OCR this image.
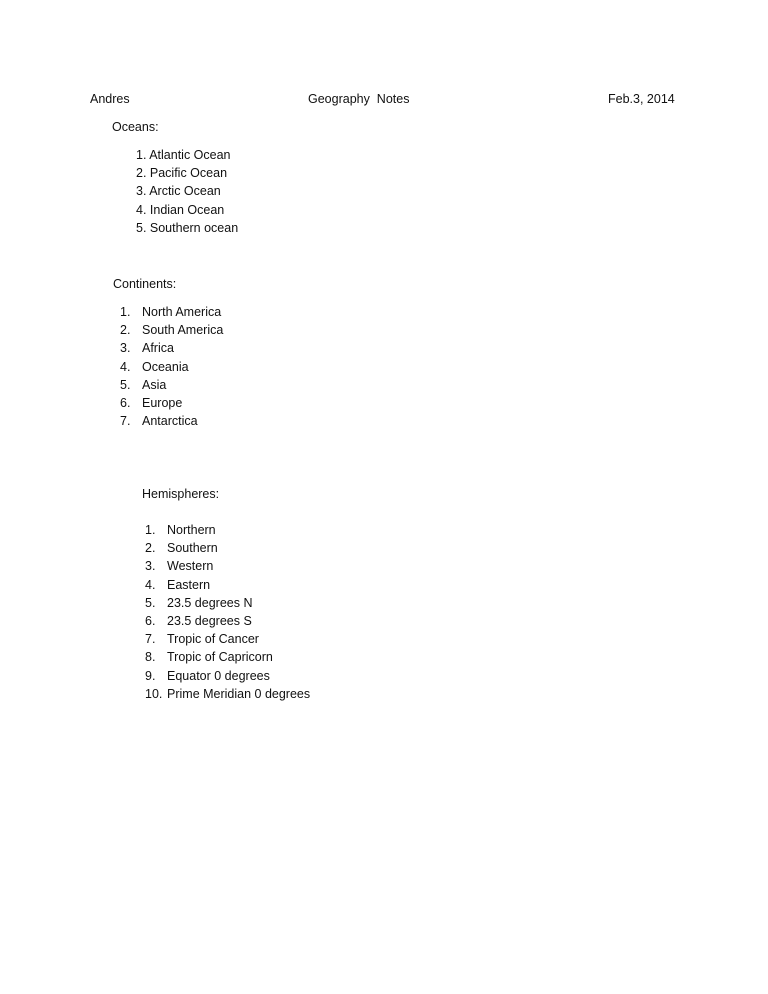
Andres	Geography  Notes	Feb.3, 2014
Oceans:
1. Atlantic Ocean
2. Pacific Ocean
3. Arctic Ocean
4. Indian Ocean
5. Southern ocean
Continents:
1. North America
2. South America
3. Africa
4. Oceania
5. Asia
6. Europe
7. Antarctica
Hemispheres:
1. Northern
2. Southern
3. Western
4. Eastern
5. 23.5 degrees N
6. 23.5 degrees S
7. Tropic of Cancer
8. Tropic of Capricorn
9. Equator 0 degrees
10. Prime Meridian 0 degrees
